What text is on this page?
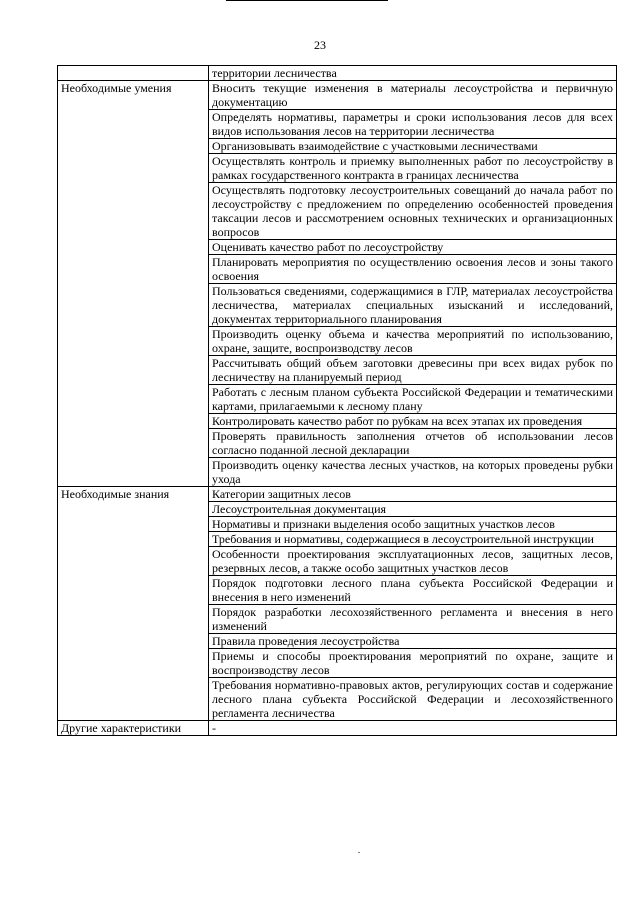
23
	территории лесничества
Необходимые умения	Вносить текущие изменения в материалы лесоустройства и первичную документацию
	Определять нормативы, параметры и сроки использования лесов для всех видов использования лесов на территории лесничества
	Организовывать взаимодействие с участковыми лесничествами
	Осуществлять контроль и приемку выполненных работ по лесоустройству в рамках государственного контракта в границах лесничества
	Осуществлять подготовку лесоустроительных совещаний до начала работ по лесоустройству с предложением по определению особенностей проведения таксации лесов и рассмотрением основных технических и организационных вопросов
	Оценивать качество работ по лесоустройству
	Планировать мероприятия по осуществлению освоения лесов и зоны такого освоения
	Пользоваться сведениями, содержащимися в ГЛР, материалах лесоустройства лесничества, материалах специальных изысканий и исследований, документах территориального планирования
	Производить оценку объема и качества мероприятий по использованию, охране, защите, воспроизводству лесов
	Рассчитывать общий объем заготовки древесины при всех видах рубок по лесничеству на планируемый период
	Работать с лесным планом субъекта Российской Федерации и тематическими картами, прилагаемыми к лесному плану
	Контролировать качество работ по рубкам на всех этапах их проведения
	Проверять правильность заполнения отчетов об использовании лесов согласно поданной лесной декларации
	Производить оценку качества лесных участков, на которых проведены рубки ухода
Необходимые знания	Категории защитных лесов
	Лесоустроительная документация
	Нормативы и признаки выделения особо защитных участков лесов
	Требования и нормативы, содержащиеся в лесоустроительной инструкции
	Особенности проектирования эксплуатационных лесов, защитных лесов, резервных лесов, а также особо защитных участков лесов
	Порядок подготовки лесного плана субъекта Российской Федерации и внесения в него изменений
	Порядок разработки лесохозяйственного регламента и внесения в него изменений
	Правила проведения лесоустройства
	Приемы и способы проектирования мероприятий по охране, защите и воспроизводству лесов
	Требования нормативно-правовых актов, регулирующих состав и содержание лесного плана субъекта Российской Федерации и лесохозяйственного регламента лесничества
Другие характеристики	-
